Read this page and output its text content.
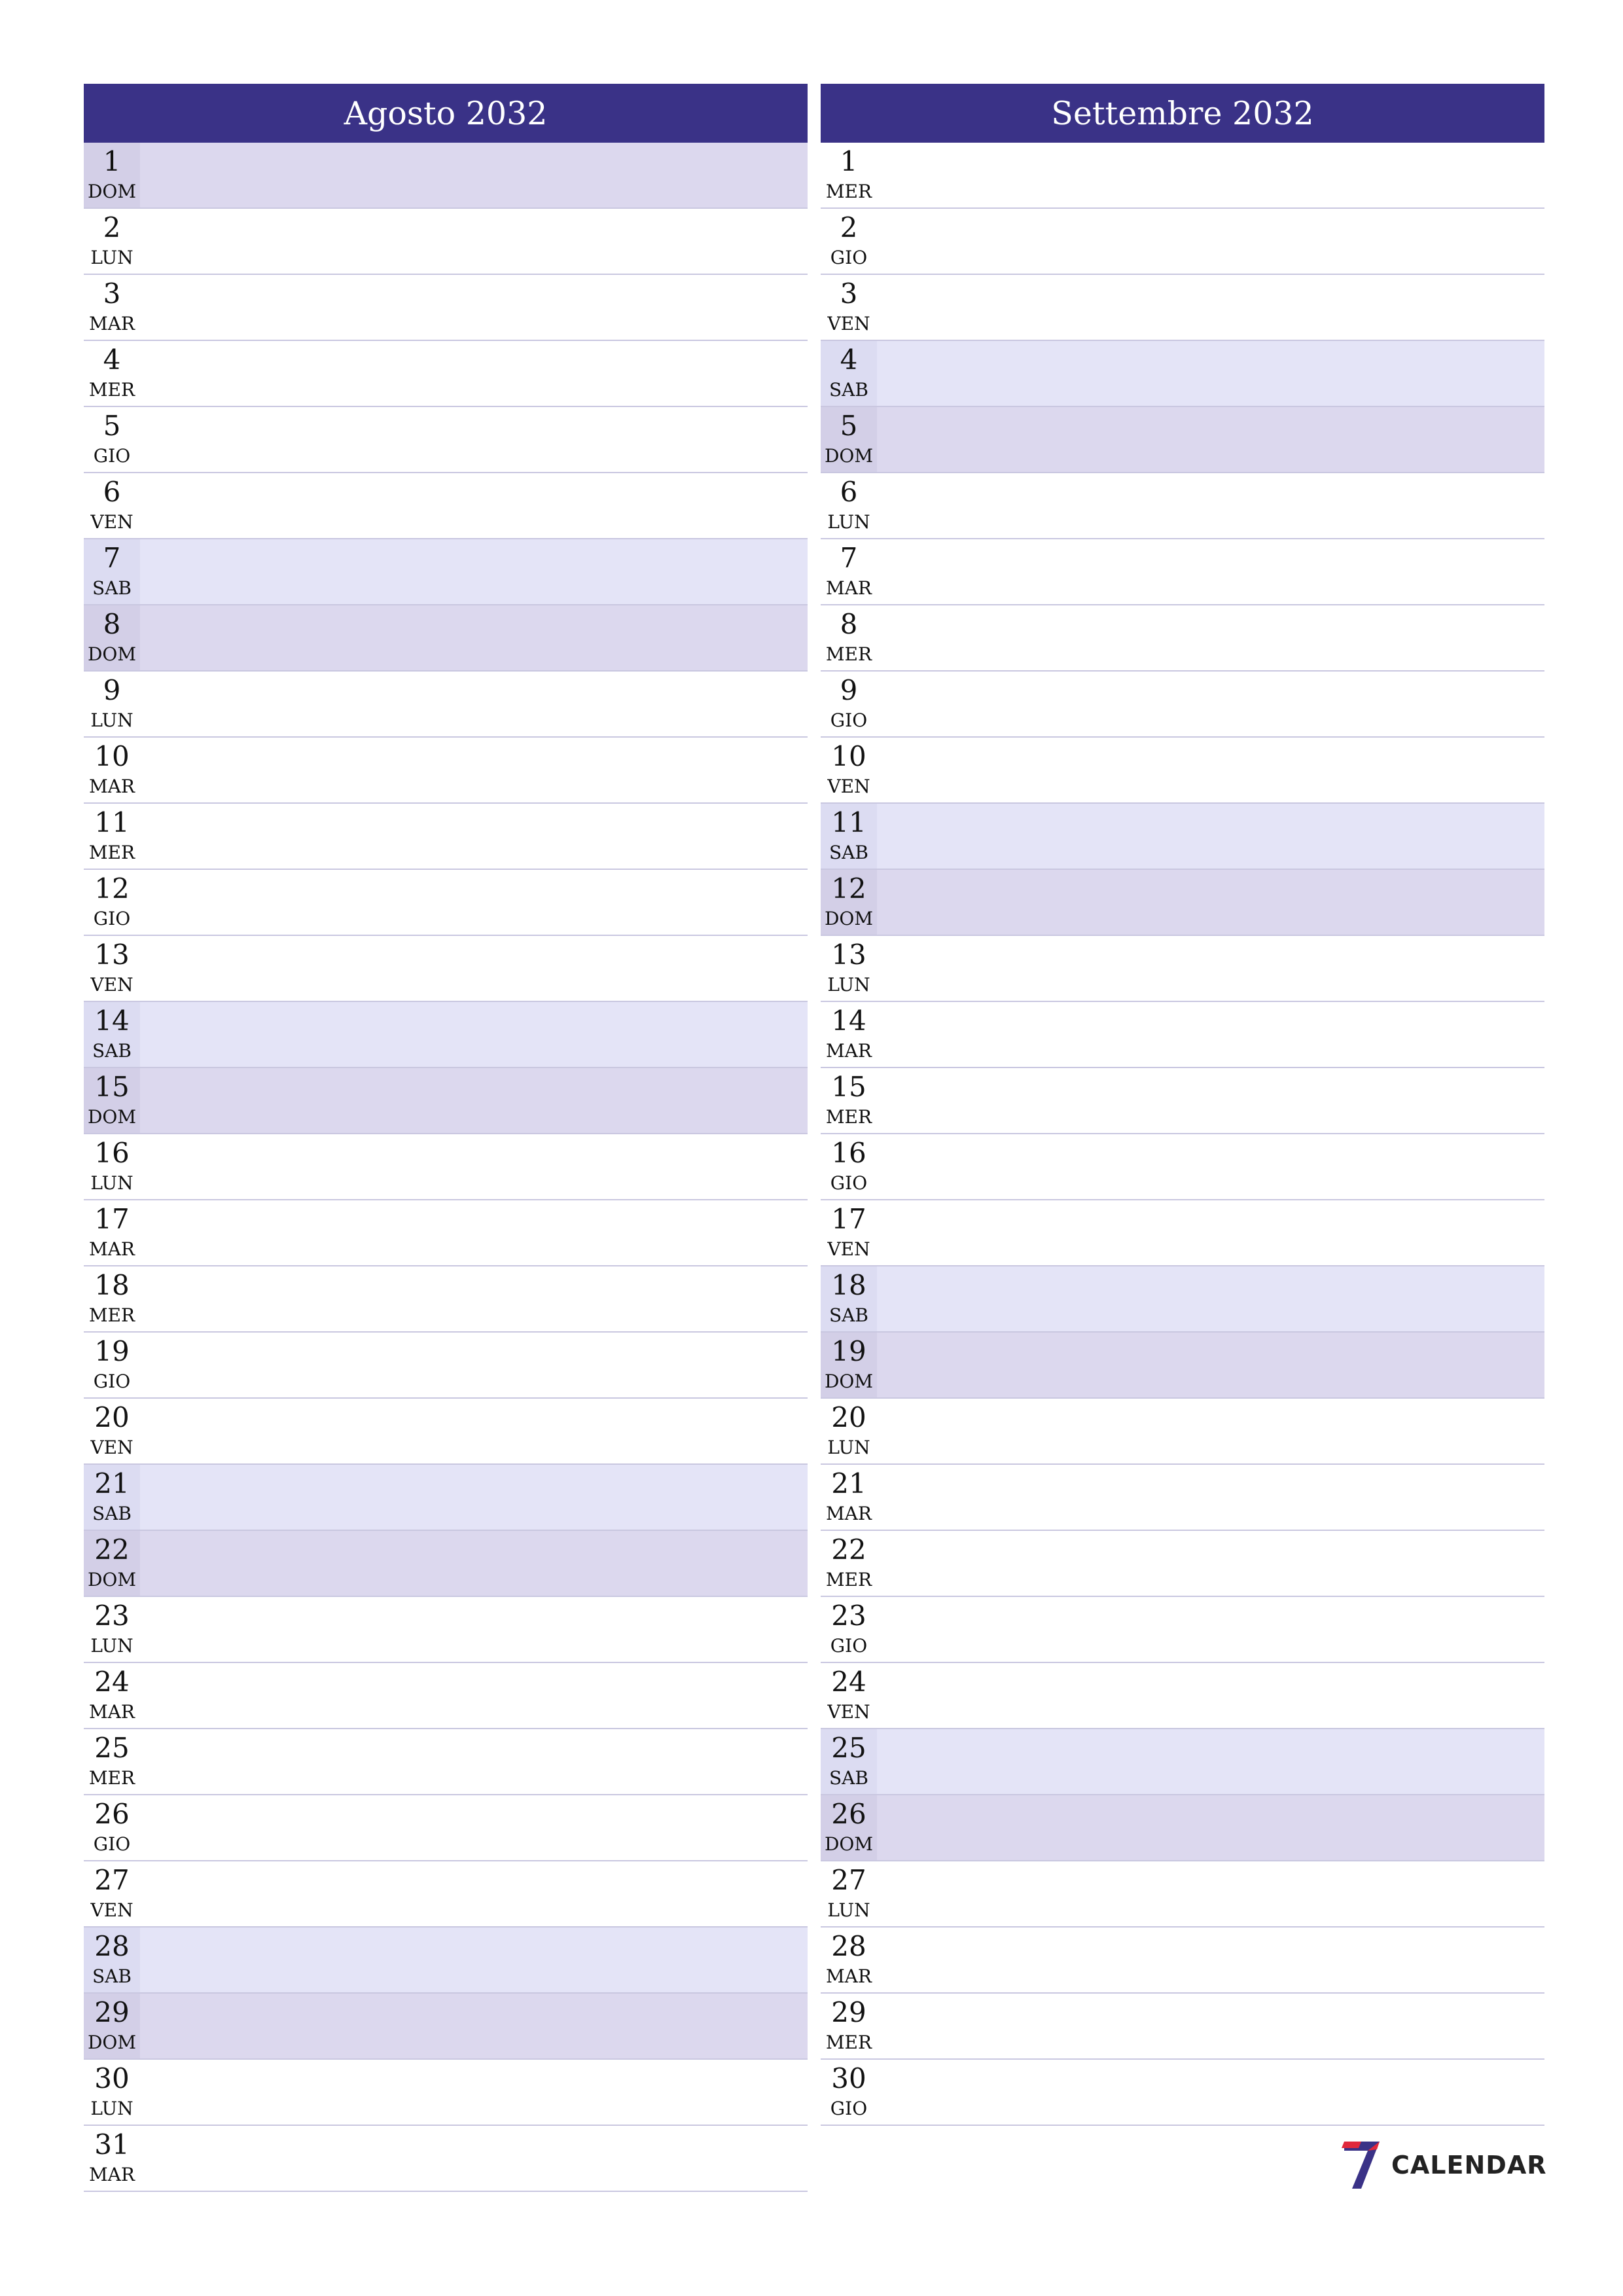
Agosto 2032
1
DOM
2
LUN
3
MAR
4
MER
5
GIO
6
VEN
7
SAB
8
DOM
9
LUN
10
MAR
11
MER
12
GIO
13
VEN
14
SAB
15
DOM
16
LUN
17
MAR
18
MER
19
GIO
20
VEN
21
SAB
22
DOM
23
LUN
24
MAR
25
MER
26
GIO
27
VEN
28
SAB
29
DOM
30
LUN
31
MAR
Settembre 2032
1
MER
2
GIO
3
VEN
4
SAB
5
DOM
6
LUN
7
MAR
8
MER
9
GIO
10
VEN
11
SAB
12
DOM
13
LUN
14
MAR
15
MER
16
GIO
17
VEN
18
SAB
19
DOM
20
LUN
21
MAR
22
MER
23
GIO
24
VEN
25
SAB
26
DOM
27
LUN
28
MAR
29
MER
30
GIO
CALENDAR
